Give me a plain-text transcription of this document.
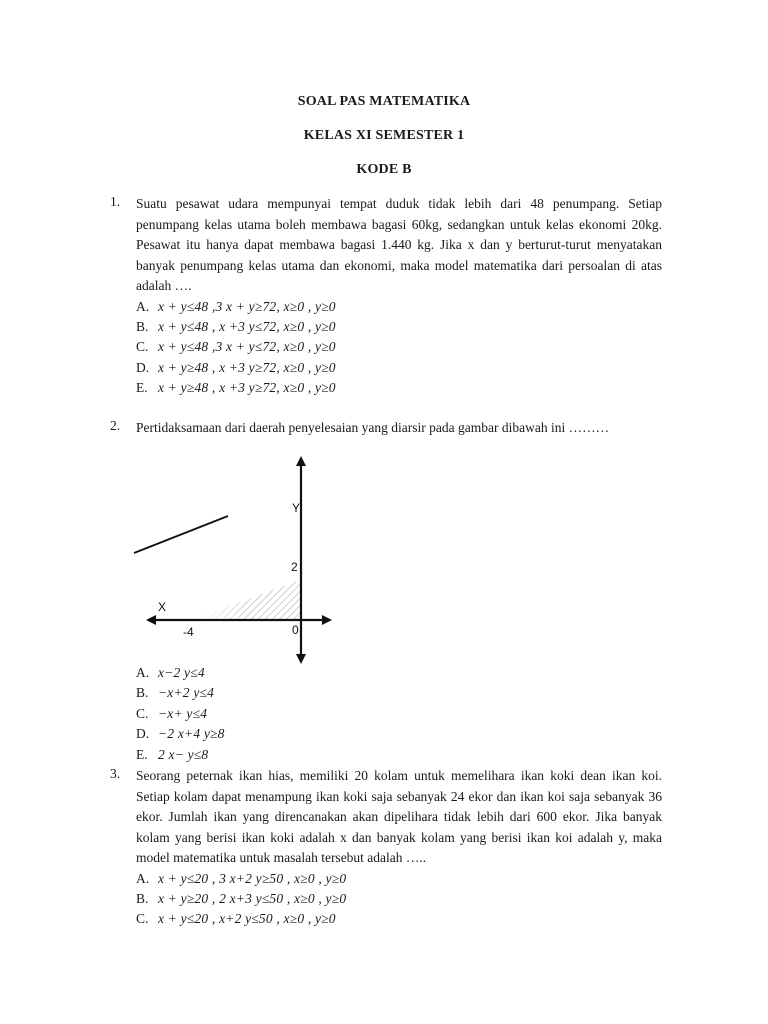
SOAL PAS MATEMATIKA
KELAS XI SEMESTER 1
KODE B
1. Suatu pesawat udara mempunyai tempat duduk tidak lebih dari 48 penumpang. Setiap penumpang kelas utama boleh membawa bagasi 60kg, sedangkan untuk kelas ekonomi 20kg. Pesawat itu hanya dapat membawa bagasi 1.440 kg. Jika x dan y berturut-turut menyatakan banyak penumpang kelas utama dan ekonomi, maka model matematika dari persoalan di atas adalah ….
A. x + y≤48 ,3 x + y≥72, x≥0 , y≥0
B. x + y≤48 , x +3 y≤72, x≥0 , y≥0
C. x + y≤48 ,3 x + y≤72, x≥0 , y≥0
D. x + y≥48 , x +3 y≥72, x≥0 , y≥0
E. x + y≥48 , x +3 y≥72, x≥0 , y≥0
2. Pertidaksamaan dari daerah penyelesaian yang diarsir pada gambar dibawah ini ………
Y
2
X
-4	0
A. x−2 y≤4
B. −x+2 y≤4
C. −x+ y≤4
D. −2 x+4 y≥8
E. 2 x− y≤8
3. Seorang peternak ikan hias, memiliki 20 kolam untuk memelihara ikan koki dean ikan koi. Setiap kolam dapat menampung ikan koki saja sebanyak 24 ekor dan ikan koi saja sebanyak 36 ekor. Jumlah ikan yang direncanakan akan dipelihara tidak lebih dari 600 ekor. Jika banyak kolam yang berisi ikan koki adalah x dan banyak kolam yang berisi ikan koi adalah y, maka model matematika untuk masalah tersebut adalah …..
A. x + y≤20 , 3 x+2 y≥50 , x≥0 , y≥0
B. x + y≥20 , 2 x+3 y≤50 , x≥0 , y≥0
C. x + y≤20 , x+2 y≤50 , x≥0 , y≥0
